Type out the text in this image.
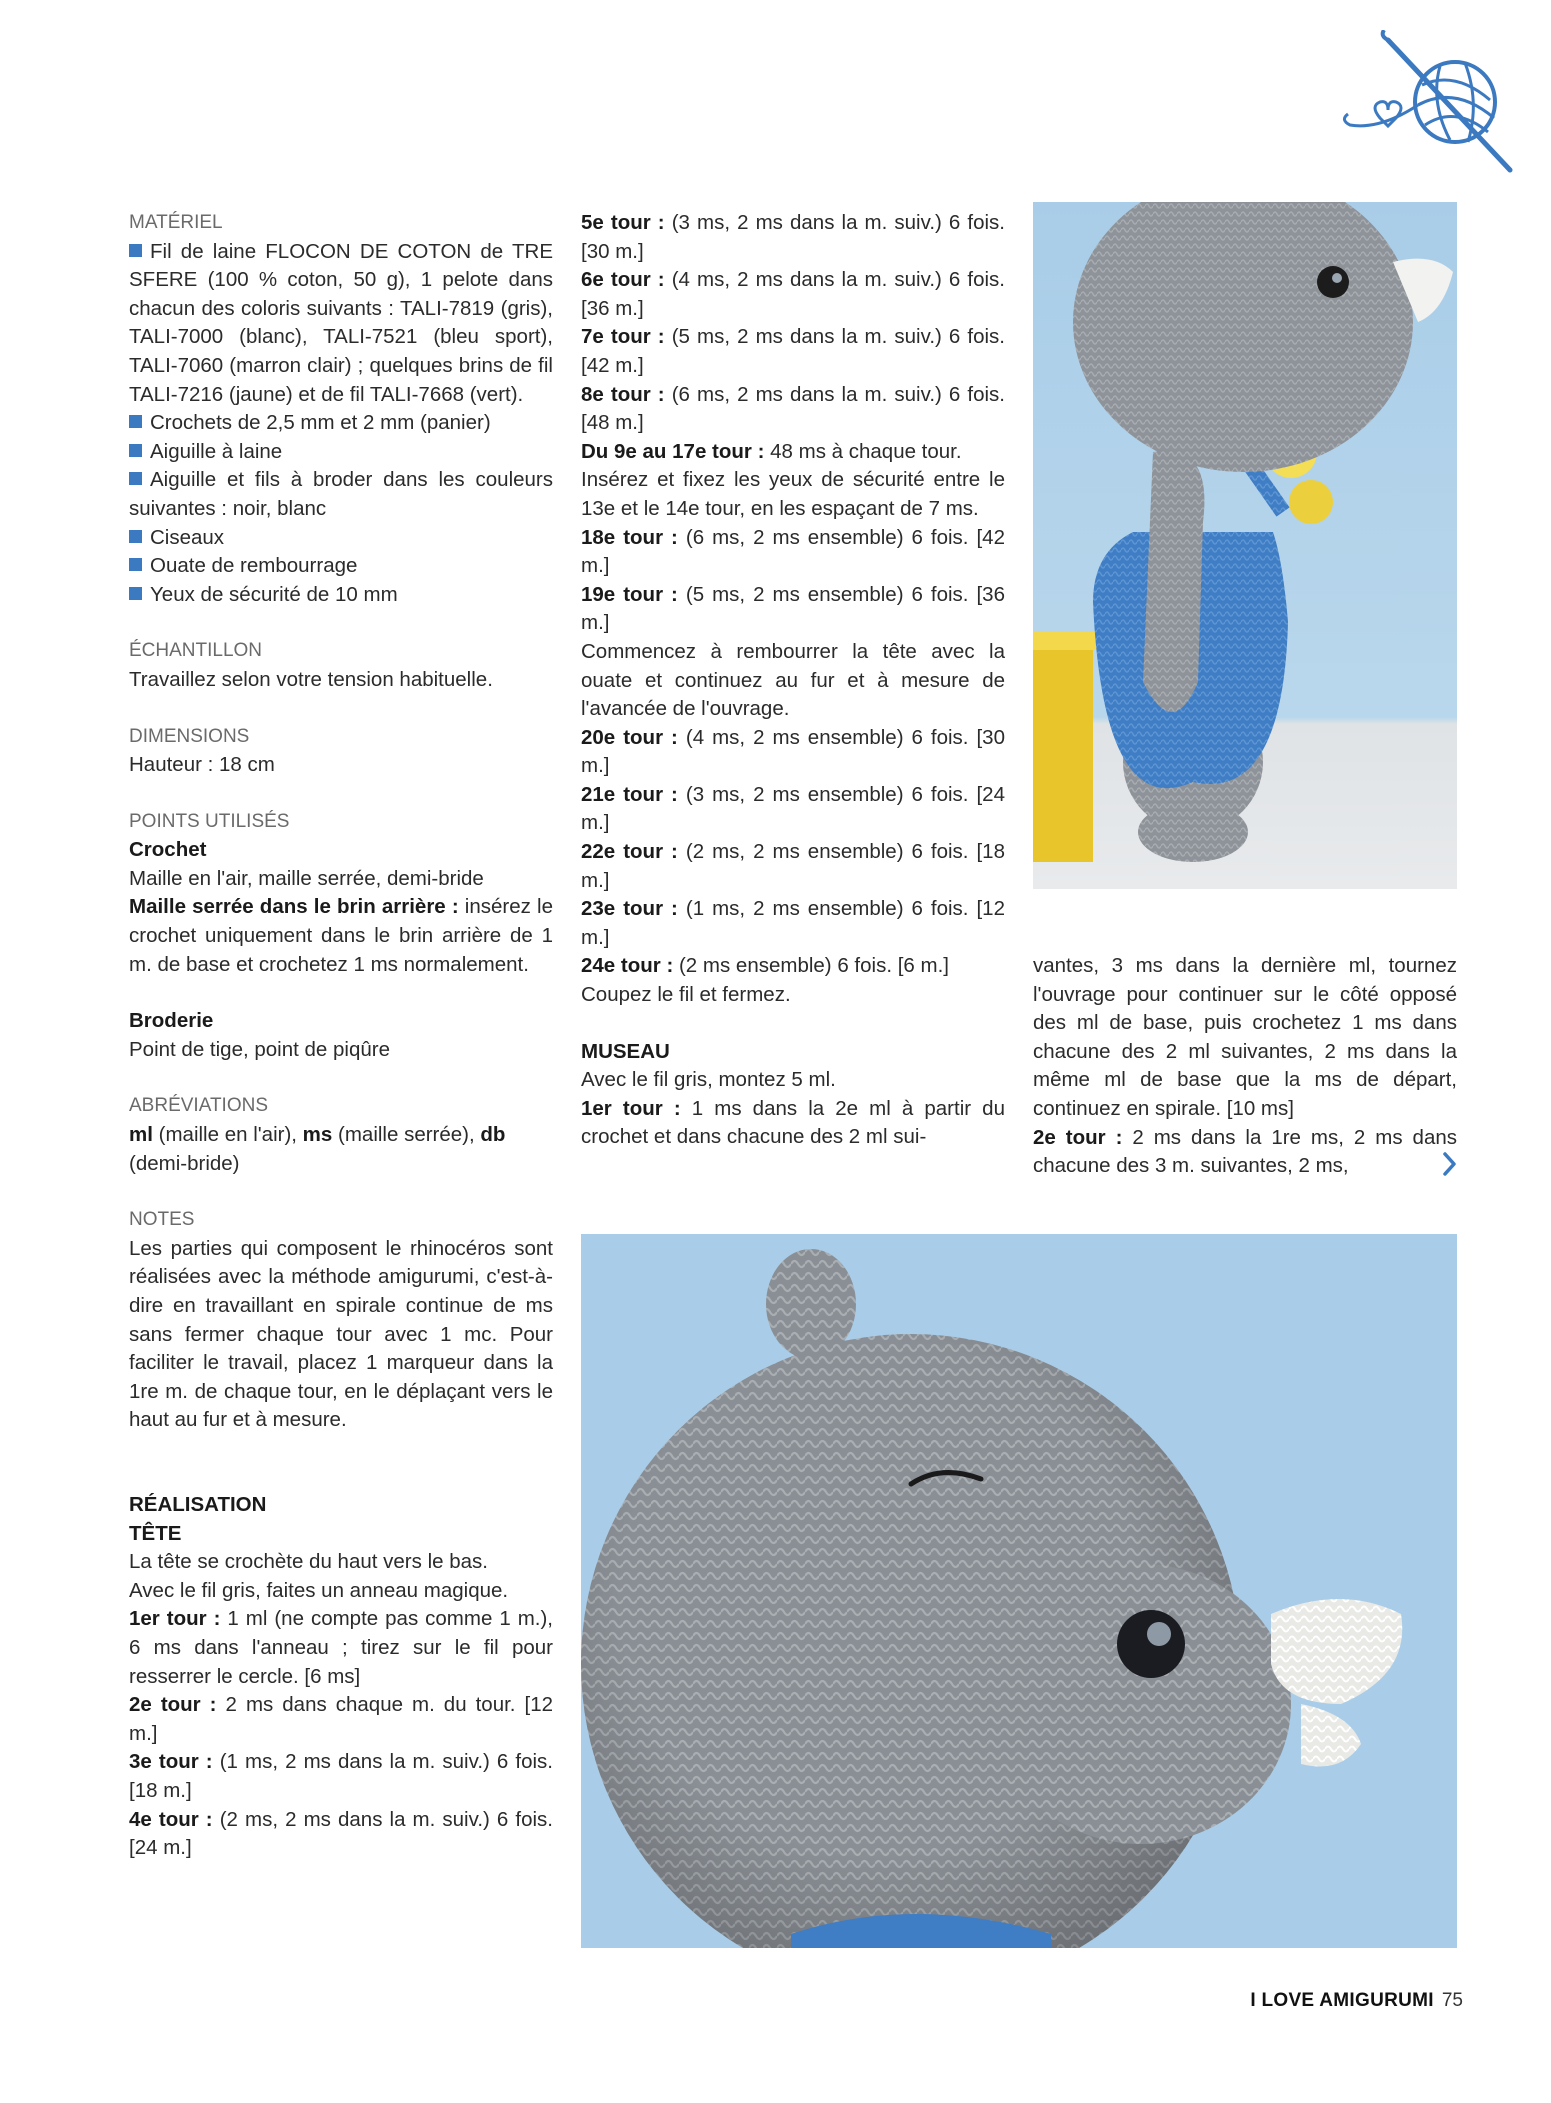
MATÉRIEL

Fil de laine FLOCON DE COTON de TRE SFERE (100 % coton, 50 g), 1 pelote dans chacun des coloris suivants : TALI-7819 (gris), TALI-7000 (blanc), TALI-7521 (bleu sport), TALI-7060 (marron clair) ; quelques brins de fil TALI-7216 (jaune) et de fil TALI-7668 (vert).

Crochets de 2,5 mm et 2 mm (panier)

Aiguille à laine

Aiguille et fils à broder dans les couleurs suivantes : noir, blanc

Ciseaux

Ouate de rembourrage

Yeux de sécurité de 10 mm

ÉCHANTILLON

Travaillez selon votre tension habituelle.

DIMENSIONS

Hauteur : 18 cm

POINTS UTILISÉS

Crochet

Maille en l'air, maille serrée, demi-bride

Maille serrée dans le brin arrière : insérez le crochet uniquement dans le brin arrière de 1 m. de base et crochetez 1 ms normalement.

Broderie

Point de tige, point de piqûre

ABRÉVIATIONS

ml (maille en l'air), ms (maille serrée), db (demi-bride)

NOTES

Les parties qui composent le rhinocéros sont réalisées avec la méthode amigurumi, c'est-à-dire en travaillant en spirale continue de ms sans fermer chaque tour avec 1 mc. Pour faciliter le travail, placez 1 marqueur dans la 1re m. de chaque tour, en le déplaçant vers le haut au fur et à mesure.

RÉALISATION

TÊTE

La tête se crochète du haut vers le bas.

Avec le fil gris, faites un anneau magique.

1er tour : 1 ml (ne compte pas comme 1 m.), 6 ms dans l'anneau ; tirez sur le fil pour resserrer le cercle. [6 ms]

2e tour : 2 ms dans chaque m. du tour. [12 m.]

3e tour : (1 ms, 2 ms dans la m. suiv.) 6 fois. [18 m.]

4e tour : (2 ms, 2 ms dans la m. suiv.) 6 fois. [24 m.]

5e tour : (3 ms, 2 ms dans la m. suiv.) 6 fois. [30 m.]

6e tour : (4 ms, 2 ms dans la m. suiv.) 6 fois. [36 m.]

7e tour : (5 ms, 2 ms dans la m. suiv.) 6 fois. [42 m.]

8e tour : (6 ms, 2 ms dans la m. suiv.) 6 fois. [48 m.]

Du 9e au 17e tour : 48 ms à chaque tour.

Insérez et fixez les yeux de sécurité entre le 13e et le 14e tour, en les espaçant de 7 ms.

18e tour : (6 ms, 2 ms ensemble) 6 fois. [42 m.]

19e tour : (5 ms, 2 ms ensemble) 6 fois. [36 m.]

Commencez à rembourrer la tête avec la ouate et continuez au fur et à mesure de l'avancée de l'ouvrage.

20e tour : (4 ms, 2 ms ensemble) 6 fois. [30 m.]

21e tour : (3 ms, 2 ms ensemble) 6 fois. [24 m.]

22e tour : (2 ms, 2 ms ensemble) 6 fois. [18 m.]

23e tour : (1 ms, 2 ms ensemble) 6 fois. [12 m.]

24e tour : (2 ms ensemble) 6 fois. [6 m.]

Coupez le fil et fermez.

MUSEAU

Avec le fil gris, montez 5 ml.

1er tour : 1 ms dans la 2e ml à partir du crochet et dans chacune des 2 ml sui-

vantes, 3 ms dans la dernière ml, tournez l'ouvrage pour continuer sur le côté opposé des ml de base, puis crochetez 1 ms dans chacune des 2 ml suivantes, 2 ms dans la même ml de base que la ms de départ, continuez en spirale. [10 ms]

2e tour : 2 ms dans la 1re ms, 2 ms dans chacune des 3 m. suivantes, 2 ms,

I LOVE AMIGURUMI 75
